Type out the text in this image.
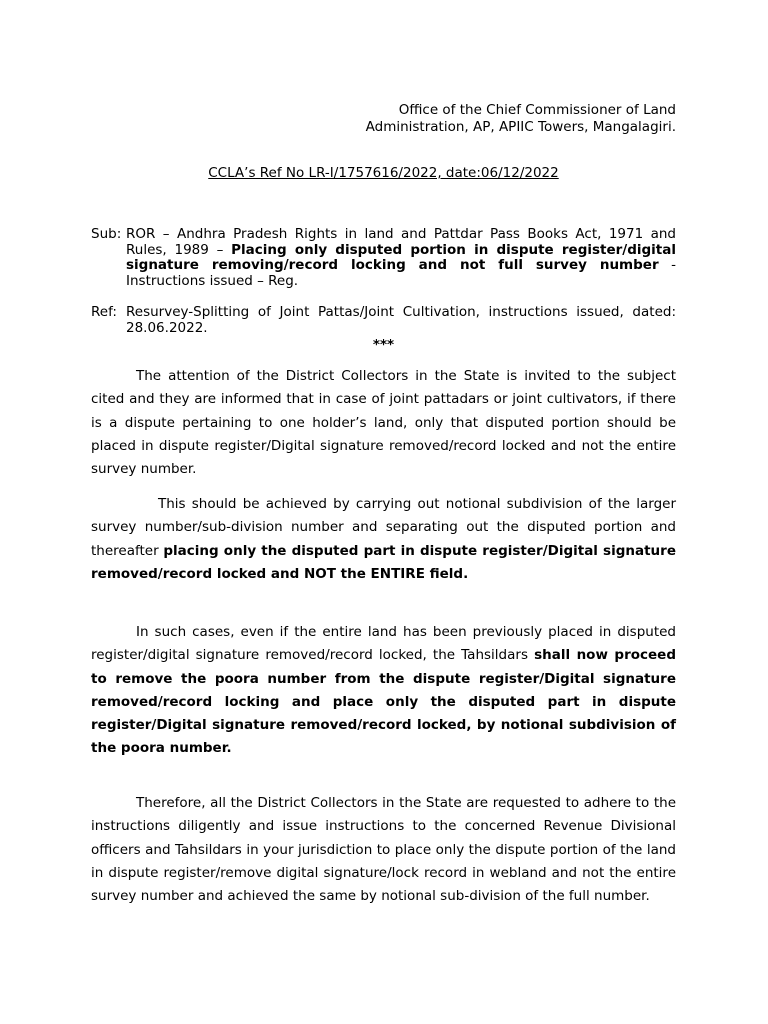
Office of the Chief Commissioner of Land
Administration, AP, APIIC Towers, Mangalagiri.
CCLA’s Ref No LR-I/1757616/2022, date:06/12/2022
Sub: ROR – Andhra Pradesh Rights in land and Pattdar Pass Books Act, 1971 and Rules, 1989 – Placing only disputed portion in dispute register/digital signature removing/record locking and not full survey number - Instructions issued – Reg.
Ref: Resurvey-Splitting of Joint Pattas/Joint Cultivation, instructions issued, dated: 28.06.2022.
***

The attention of the District Collectors in the State is invited to the subject cited and they are informed that in case of joint pattadars or joint cultivators, if there is a dispute pertaining to one holder’s land, only that disputed portion should be placed in dispute register/Digital signature removed/record locked and not the entire survey number.

This should be achieved by carrying out notional subdivision of the larger survey number/sub-division number and separating out the disputed portion and thereafter placing only the disputed part in dispute register/Digital signature removed/record locked and NOT the ENTIRE field.

In such cases, even if the entire land has been previously placed in disputed register/digital signature removed/record locked, the Tahsildars shall now proceed to remove the poora number from the dispute register/Digital signature removed/record locking and place only the disputed part in dispute register/Digital signature removed/record locked, by notional subdivision of the poora number.

Therefore, all the District Collectors in the State are requested to adhere to the instructions diligently and issue instructions to the concerned Revenue Divisional officers and Tahsildars in your jurisdiction to place only the dispute portion of the land in dispute register/remove digital signature/lock record in webland and not the entire survey number and achieved the same by notional sub-division of the full number.
